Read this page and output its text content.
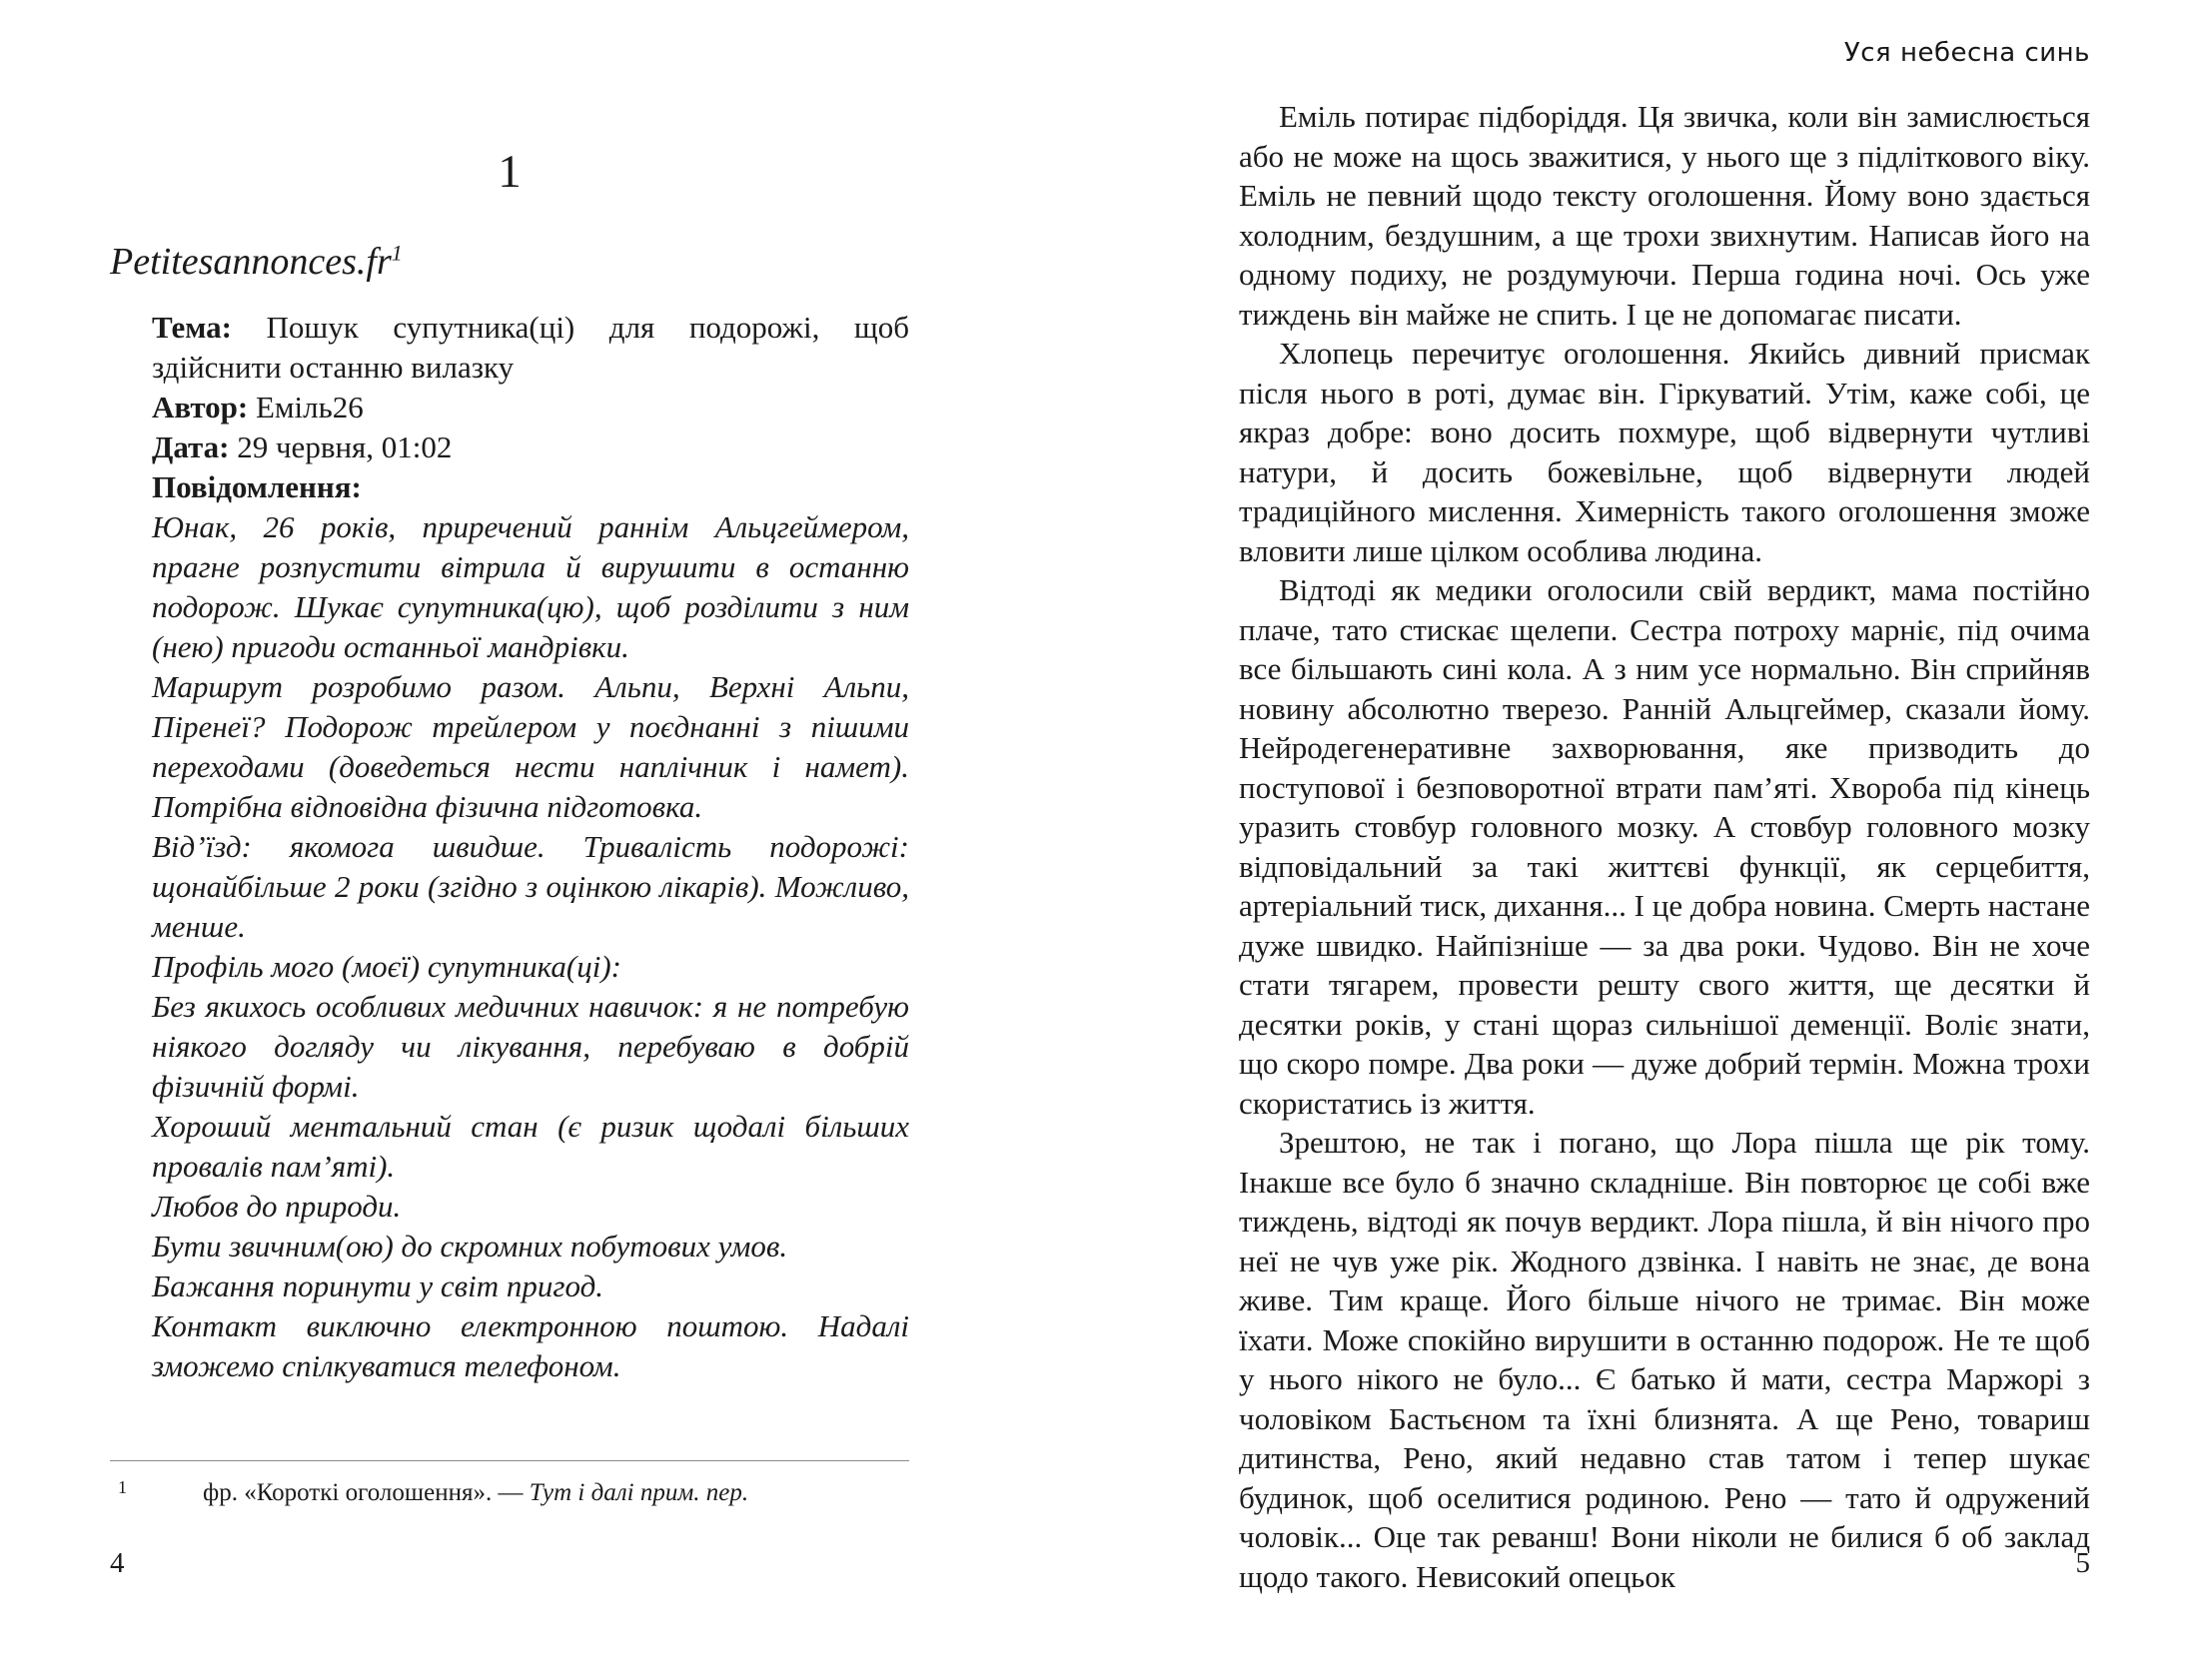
1
$Petitesannonces.fr^1$

Тема: Пошук супутника(ці) для подорожі, щоб здійснити останню вилазку

Автор: Еміль26

Дата: 29 червня, 01:02

Повідомлення:

Юнак, 26 років, приречений раннім Альцгеймером, прагне розпустити вітрила й вирушити в останню подорож. Шукає супутника(цю), щоб розділити з ним (нею) пригоди останньої мандрівки.

Маршрут розробимо разом. Альпи, Верхні Альпи, Піренеї? Подорож трейлером у поєднанні з пішими переходами (доведеться нести наплічник і намет). Потрібна відповідна фізична підготовка.

Від’їзд: якомога швидше. Тривалість подорожі: щонайбільше 2 роки (згідно з оцінкою лікарів). Можливо, менше.

Профіль мого (моєї) супутника(ці):

Без якихось особливих медичних навичок: я не потребую ніякого догляду чи лікування, перебуваю в добрій фізичній формі.

Хороший ментальний стан (є ризик щодалі більших провалів пам’яті).

Любов до природи.

Бути звичним(ою) до скромних побутових умов.

Бажання поринути у світ пригод.

Контакт виключно електронною поштою. Надалі зможемо спілкуватися телефоном.

1	фр. «Короткі оголошення». — Тут і далі прим. пер.
4
Уся небесна синь

Еміль потирає підборіддя. Ця звичка, коли він замислюється або не може на щось зважитися, у нього ще з підліткового віку. Еміль не певний щодо тексту оголошення. Йому воно здається холодним, бездушним, а ще трохи звихнутим. Написав його на одному подиху, не роздумуючи. Перша година ночі. Ось уже тиждень він майже не спить. І це не допомагає писати.

Хлопець перечитує оголошення. Якийсь дивний присмак після нього в роті, думає він. Гіркуватий. Утім, каже собі, це якраз добре: воно досить похмуре, щоб відвернути чутливі натури, й досить божевільне, щоб відвернути людей традиційного мислення. Химерність такого оголошення зможе вловити лише цілком особлива людина.

Відтоді як медики оголосили свій вердикт, мама постійно плаче, тато стискає щелепи. Сестра потроху марніє, під очима все більшають сині кола. А з ним усе нормально. Він сприйняв новину абсолютно тверезо. Ранній Альцгеймер, сказали йому. Нейродегенеративне захворювання, яке призводить до поступової і безповоротної втрати пам’яті. Хвороба під кінець уразить стовбур головного мозку. А стовбур головного мозку відповідальний за такі життєві функції, як серцебиття, артеріальний тиск, дихання... І це добра новина. Смерть настане дуже швидко. Найпізніше — за два роки. Чудово. Він не хоче стати тягарем, провести решту свого життя, ще десятки й десятки років, у стані щораз сильнішої деменції. Воліє знати, що скоро помре. Два роки — дуже добрий термін. Можна трохи скористатись із життя.

Зрештою, не так і погано, що Лора пішла ще рік тому. Інакше все було б значно складніше. Він повторює це собі вже тиждень, відтоді як почув вердикт. Лора пішла, й він нічого про неї не чув уже рік. Жодного дзвінка. І навіть не знає, де вона живе. Тим краще. Його більше нічого не тримає. Він може їхати. Може спокійно вирушити в останню подорож. Не те щоб у нього нікого не було... Є батько й мати, сестра Маржорі з чоловіком Бастьєном та їхні близнята. А ще Рено, товариш дитинства, Рено, який недавно став татом і тепер шукає будинок, щоб оселитися родиною. Рено — тато й одружений чоловік... Оце так реванш! Вони ніколи не билися б об заклад щодо такого. Невисокий опецьок	5
